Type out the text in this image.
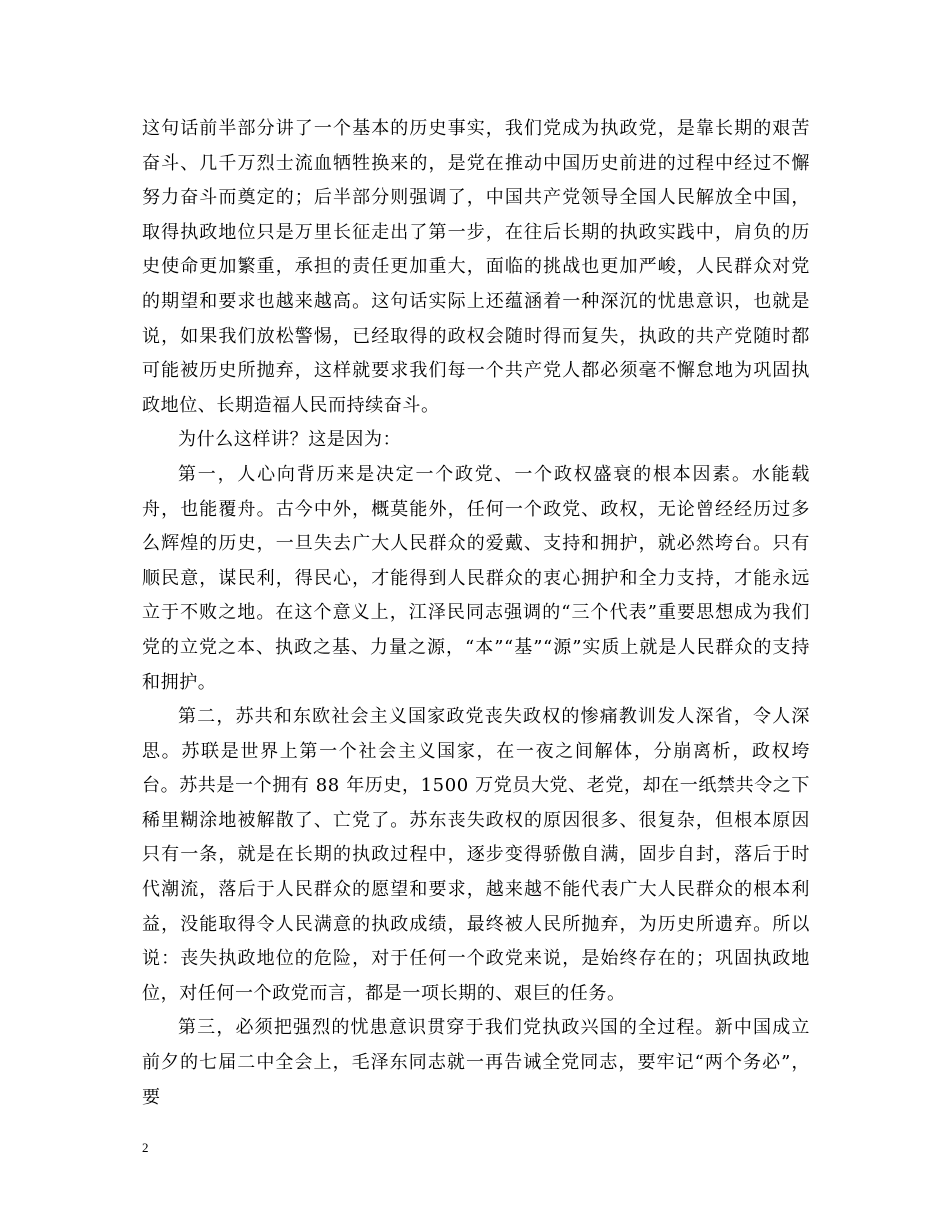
这句话前半部分讲了一个基本的历史事实，我们党成为执政党，是靠长期的艰苦奋斗、几千万烈士流血牺牲换来的，是党在推动中国历史前进的过程中经过不懈努力奋斗而奠定的；后半部分则强调了，中国共产党领导全国人民解放全中国，取得执政地位只是万里长征走出了第一步，在往后长期的执政实践中，肩负的历史使命更加繁重，承担的责任更加重大，面临的挑战也更加严峻，人民群众对党的期望和要求也越来越高。这句话实际上还蕴涵着一种深沉的忧患意识，也就是说，如果我们放松警惕，已经取得的政权会随时得而复失，执政的共产党随时都可能被历史所抛弃，这样就要求我们每一个共产党人都必须毫不懈怠地为巩固执政地位、长期造福人民而持续奋斗。

为什么这样讲？这是因为：

第一，人心向背历来是决定一个政党、一个政权盛衰的根本因素。水能载舟，也能覆舟。古今中外，概莫能外，任何一个政党、政权，无论曾经经历过多么辉煌的历史，一旦失去广大人民群众的爱戴、支持和拥护，就必然垮台。只有顺民意，谋民利，得民心，才能得到人民群众的衷心拥护和全力支持，才能永远立于不败之地。在这个意义上，江泽民同志强调的“三个代表”重要思想成为我们党的立党之本、执政之基、力量之源，“本”“基”“源”实质上就是人民群众的支持和拥护。

第二，苏共和东欧社会主义国家政党丧失政权的惨痛教训发人深省，令人深思。苏联是世界上第一个社会主义国家，在一夜之间解体，分崩离析，政权垮台。苏共是一个拥有 88 年历史，1500 万党员大党、老党，却在一纸禁共令之下稀里糊涂地被解散了、亡党了。苏东丧失政权的原因很多、很复杂，但根本原因只有一条，就是在长期的执政过程中，逐步变得骄傲自满，固步自封，落后于时代潮流，落后于人民群众的愿望和要求，越来越不能代表广大人民群众的根本利益，没能取得令人民满意的执政成绩，最终被人民所抛弃，为历史所遗弃。所以说：丧失执政地位的危险，对于任何一个政党来说，是始终存在的；巩固执政地位，对任何一个政党而言，都是一项长期的、艰巨的任务。

第三，必须把强烈的忧患意识贯穿于我们党执政兴国的全过程。新中国成立前夕的七届二中全会上，毛泽东同志就一再告诫全党同志，要牢记“两个务必”，要

2
